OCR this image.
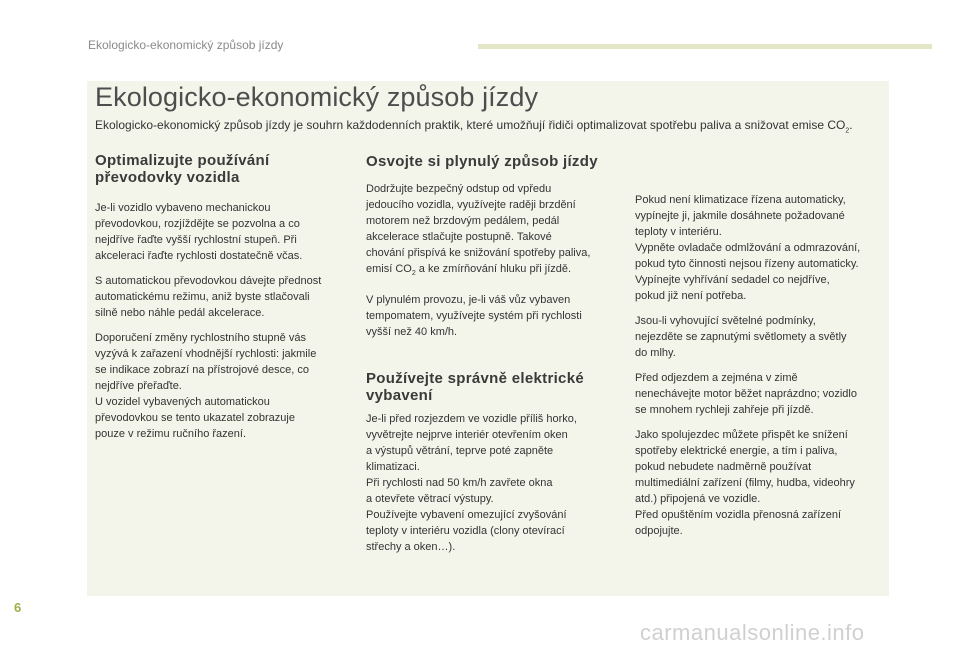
Ekologicko-ekonomický způsob jízdy
Ekologicko-ekonomický způsob jízdy
Ekologicko-ekonomický způsob jízdy je souhrn každodenních praktik, které umožňují řidiči optimalizovat spotřebu paliva a snižovat emise $CO_2$.
Optimalizujte používání
převodovky vozidla

Je-li vozidlo vybaveno mechanickou
převodovkou, rozjíždějte se pozvolna a co
nejdříve řaďte vyšší rychlostní stupeň. Při
akceleraci řaďte rychlosti dostatečně včas.

S automatickou převodovkou dávejte přednost
automatickému režimu, aniž byste stlačovali
silně nebo náhle pedál akcelerace.

Doporučení změny rychlostního stupně vás
vyzývá k zařazení vhodnější rychlosti: jakmile
se indikace zobrazí na přístrojové desce, co
nejdříve přeřaďte.
U vozidel vybavených automatickou
převodovkou se tento ukazatel zobrazuje
pouze v režimu ručního řazení.

Osvojte si plynulý způsob jízdy

Dodržujte bezpečný odstup od vpředu
jedoucího vozidla, využívejte raději brzdění
motorem než brzdovým pedálem, pedál
akcelerace stlačujte postupně. Takové
chování přispívá ke snižování spotřeby paliva,
emisí $CO_2$ a ke zmírňování hluku při jízdě.

V plynulém provozu, je-li váš vůz vybaven
tempomatem, využívejte systém při rychlosti
vyšší než 40 km/h.

Používejte správně elektrické
vybavení

Je-li před rozjezdem ve vozidle příliš horko,
vyvětrejte nejprve interiér otevřením oken
a výstupů větrání, teprve poté zapněte
klimatizaci.
Při rychlosti nad 50 km/h zavřete okna
a otevřete větrací výstupy.
Používejte vybavení omezující zvyšování
teploty v interiéru vozidla (clony otevírací
střechy a oken…).

Pokud není klimatizace řízena automaticky,
vypínejte ji, jakmile dosáhnete požadované
teploty v interiéru.
Vypněte ovladače odmlžování a odmrazování,
pokud tyto činnosti nejsou řízeny automaticky.
Vypínejte vyhřívání sedadel co nejdříve,
pokud již není potřeba.

Jsou-li vyhovující světelné podmínky,
nejezděte se zapnutými světlomety a světly
do mlhy.

Před odjezdem a zejména v zimě
nenechávejte motor běžet naprázdno; vozidlo
se mnohem rychleji zahřeje při jízdě.

Jako spolujezdec můžete přispět ke snížení
spotřeby elektrické energie, a tím i paliva,
pokud nebudete nadměrně používat
multimediální zařízení (filmy, hudba, videohry
atd.) připojená ve vozidle.
Před opuštěním vozidla přenosná zařízení
odpojujte.

6
carmanualsonline.info
